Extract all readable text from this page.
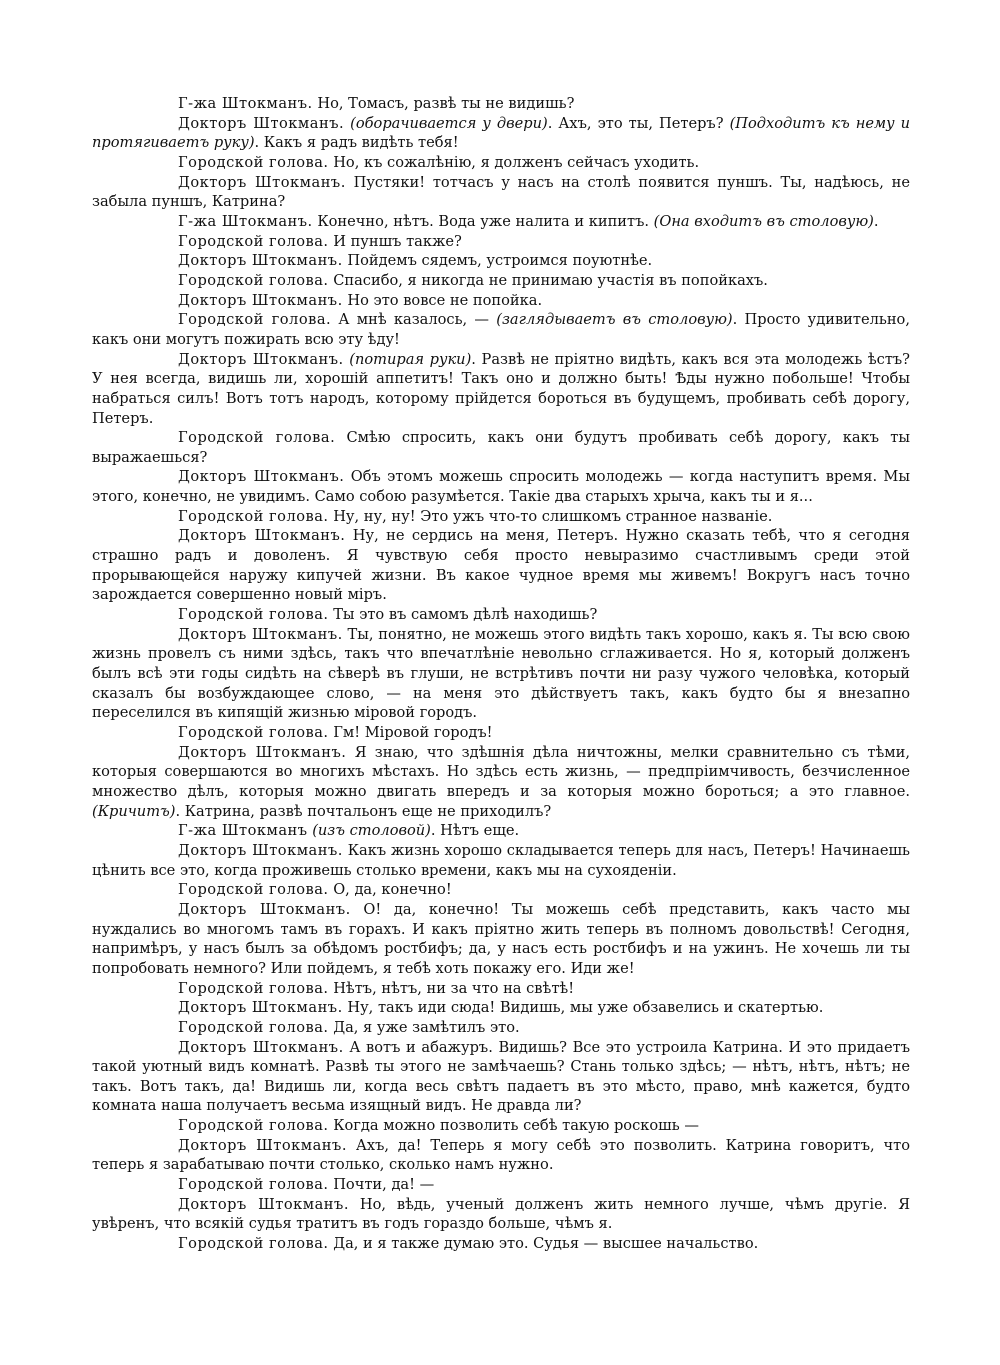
Г-жа Штокманъ. Но, Томасъ, развѣ ты не видишь?

Докторъ Штокманъ. (оборачивается у двери). Ахъ, это ты, Петеръ? (Подходитъ къ нему и протягиваетъ руку). Какъ я радъ видѣть тебя!

Городской голова. Но, къ сожалѣнію, я долженъ сейчасъ уходить.

Докторъ Штокманъ. Пустяки! тотчасъ у насъ на столѣ появится пуншъ. Ты, надѣюсь, не забыла пуншъ, Катрина?

Г-жа Штокманъ. Конечно, нѣтъ. Вода уже налита и кипитъ. (Она входитъ въ столовую).

Городской голова. И пуншъ также?

Докторъ Штокманъ. Пойдемъ сядемъ, устроимся поуютнѣе.

Городской голова. Спасибо, я никогда не принимаю участія въ попойкахъ.

Докторъ Штокманъ. Но это вовсе не попойка.

Городской голова. А мнѣ казалось, — (заглядываетъ въ столовую). Просто удивительно, какъ они могутъ пожирать всю эту ѣду!

Докторъ Штокманъ. (потирая руки). Развѣ не пріятно видѣть, какъ вся эта молодежь ѣстъ? У нея всегда, видишь ли, хорошій аппетитъ! Такъ оно и должно быть! Ѣды нужно побольше! Чтобы набраться силъ! Вотъ тотъ народъ, которому прійдется бороться въ будущемъ, пробивать себѣ дорогу, Петеръ.

Городской голова. Смѣю спросить, какъ они будутъ пробивать себѣ дорогу, какъ ты выражаешься?

Докторъ Штокманъ. Объ этомъ можешь спросить молодежь — когда наступитъ время. Мы этого, конечно, не увидимъ. Само собою разумѣется. Такіе два старыхъ хрыча, какъ ты и я...

Городской голова. Ну, ну, ну! Это ужъ что-то слишкомъ странное названіе.

Докторъ Штокманъ. Ну, не сердись на меня, Петеръ. Нужно сказать тебѣ, что я сегодня страшно радъ и доволенъ. Я чувствую себя просто невыразимо счастливымъ среди этой прорывающейся наружу кипучей жизни. Въ какое чудное время мы живемъ! Вокругъ насъ точно зарождается совершенно новый міръ.

Городской голова. Ты это въ самомъ дѣлѣ находишь?

Докторъ Штокманъ. Ты, понятно, не можешь этого видѣть такъ хорошо, какъ я. Ты всю свою жизнь провелъ съ ними здѣсь, такъ что впечатлѣніе невольно сглаживается. Но я, который долженъ былъ всѣ эти годы сидѣть на сѣверѣ въ глуши, не встрѣтивъ почти ни разу чужого человѣка, который сказалъ бы возбуждающее слово, — на меня это дѣйствуетъ такъ, какъ будто бы я внезапно переселился въ кипящій жизнью міровой городъ.

Городской голова. Гм! Міровой городъ!

Докторъ Штокманъ. Я знаю, что здѣшнія дѣла ничтожны, мелки сравнительно съ тѣми, которыя совершаются во многихъ мѣстахъ. Но здѣсь есть жизнь, — предпріимчивость, безчисленное множество дѣлъ, которыя можно двигать впередъ и за которыя можно бороться; а это главное. (Кричитъ). Катрина, развѣ почтальонъ еще не приходилъ?

Г-жа Штокманъ (изъ столовой). Нѣтъ еще.

Докторъ Штокманъ. Какъ жизнь хорошо складывается теперь для насъ, Петеръ! Начинаешь цѣнить все это, когда проживешь столько времени, какъ мы на сухояденіи.

Городской голова. О, да, конечно!

Докторъ Штокманъ. О! да, конечно! Ты можешь себѣ представить, какъ часто мы нуждались во многомъ тамъ въ горахъ. И какъ пріятно жить теперь въ полномъ довольствѣ! Сегодня, напримѣръ, у насъ былъ за обѣдомъ ростбифъ; да, у насъ есть ростбифъ и на ужинъ. Не хочешь ли ты попробовать немного? Или пойдемъ, я тебѣ хоть покажу его. Иди же!

Городской голова. Нѣтъ, нѣтъ, ни за что на свѣтѣ!

Докторъ Штокманъ. Ну, такъ иди сюда! Видишь, мы уже обзавелись и скатертью.

Городской голова. Да, я уже замѣтилъ это.

Докторъ Штокманъ. А вотъ и абажуръ. Видишь? Все это устроила Катрина. И это придаетъ такой уютный видъ комнатѣ. Развѣ ты этого не замѣчаешь? Стань только здѣсь; — нѣтъ, нѣтъ, нѣтъ; не такъ. Вотъ такъ, да! Видишь ли, когда весь свѣтъ падаетъ въ это мѣсто, право, мнѣ кажется, будто комната наша получаетъ весьма изящный видъ. Не дравда ли?

Городской голова. Когда можно позволить себѣ такую роскошь —

Докторъ Штокманъ. Ахъ, да! Теперь я могу себѣ это позволить. Катрина говоритъ, что теперь я зарабатываю почти столько, сколько намъ нужно.

Городской голова. Почти, да! —

Докторъ Штокманъ. Но, вѣдь, ученый долженъ жить немного лучше, чѣмъ другіе. Я увѣренъ, что всякій судья тратитъ въ годъ гораздо больше, чѣмъ я.

Городской голова. Да, и я также думаю это. Судья — высшее начальство.
